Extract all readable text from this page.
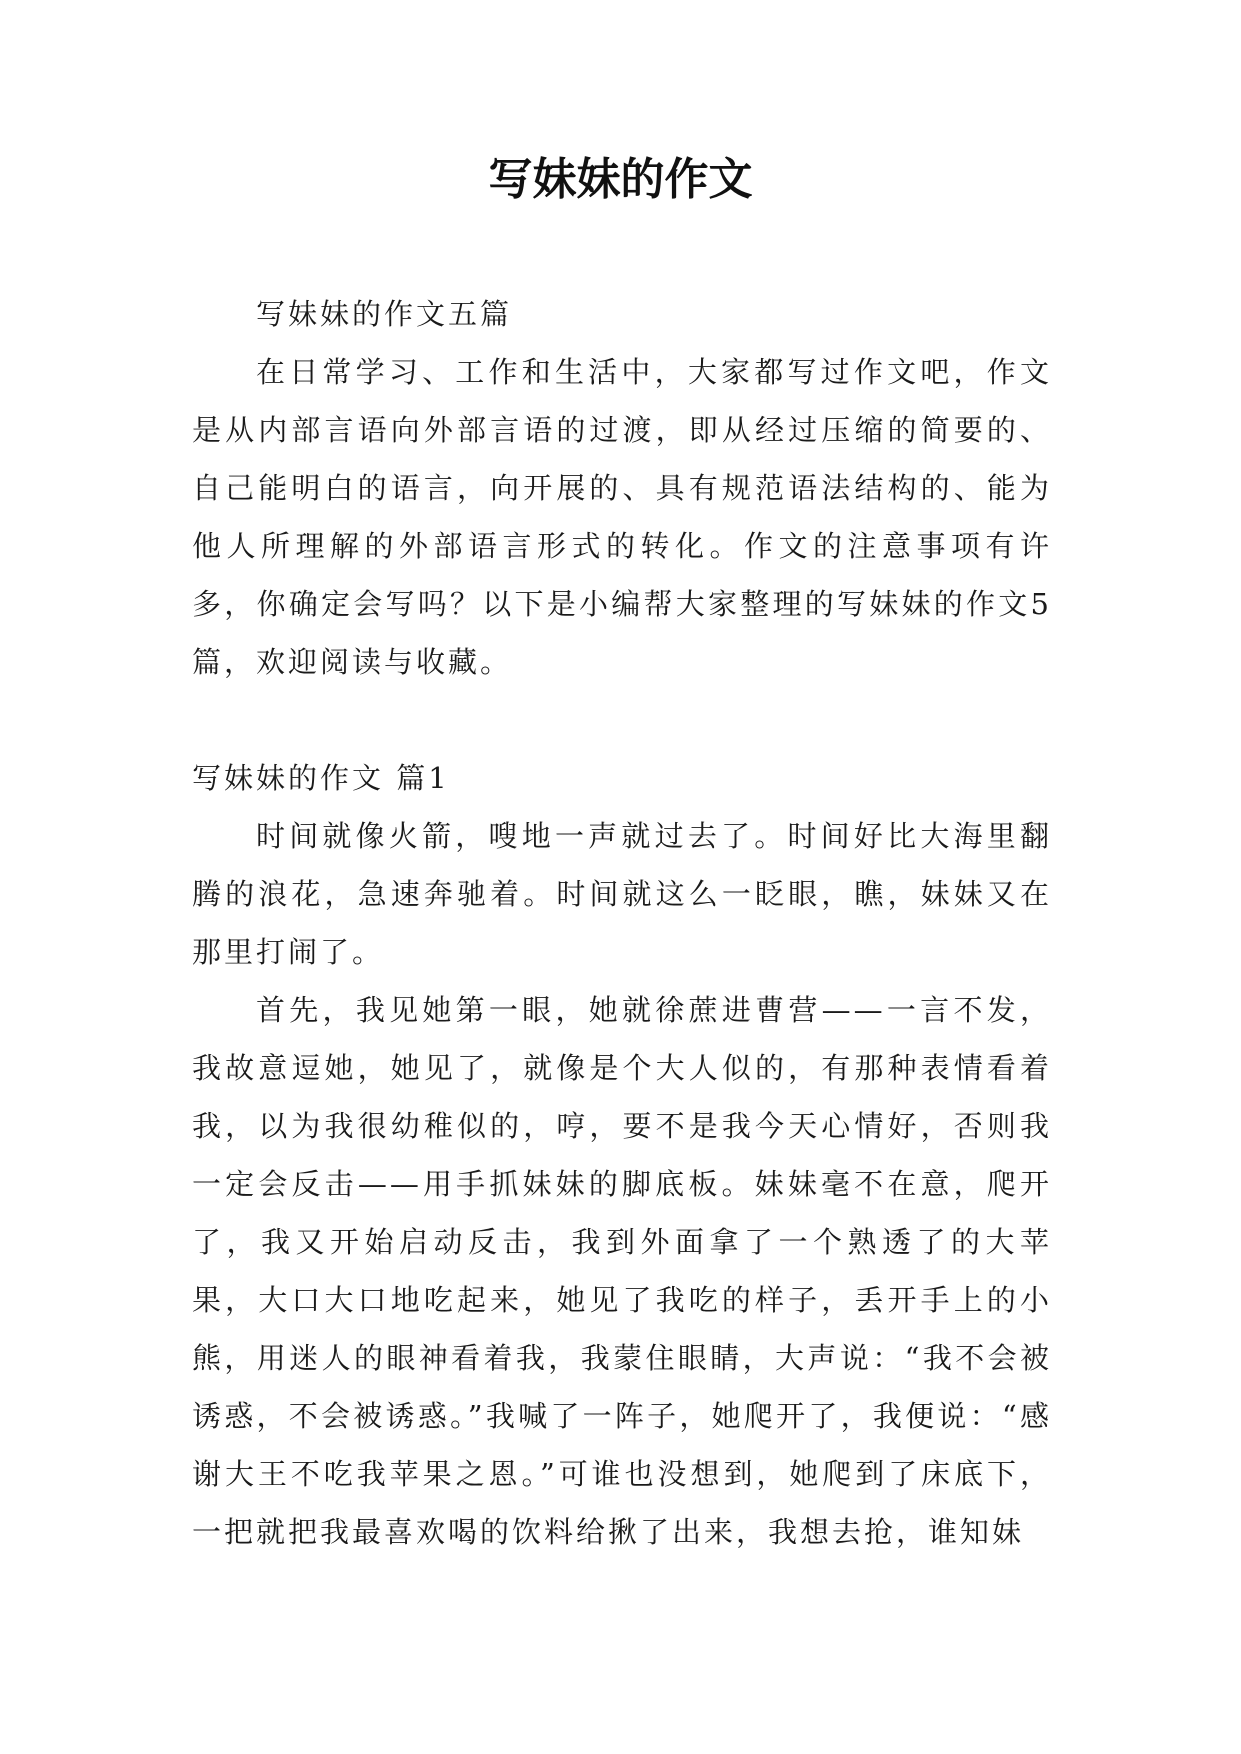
写妹妹的作文

写妹妹的作文五篇

在日常学习、工作和生活中，大家都写过作文吧，作文是从内部言语向外部言语的过渡，即从经过压缩的简要的、自己能明白的语言，向开展的、具有规范语法结构的、能为他人所理解的外部语言形式的转化。作文的注意事项有许多，你确定会写吗？以下是小编帮大家整理的写妹妹的作文5篇，欢迎阅读与收藏。

写妹妹的作文 篇1

时间就像火箭，嗖地一声就过去了。时间好比大海里翻腾的浪花，急速奔驰着。时间就这么一眨眼，瞧，妹妹又在那里打闹了。

首先，我见她第一眼，她就徐蔗进曹营——一言不发，我故意逗她，她见了，就像是个大人似的，有那种表情看着我，以为我很幼稚似的，哼，要不是我今天心情好，否则我一定会反击——用手抓妹妹的脚底板。妹妹毫不在意，爬开了，我又开始启动反击，我到外面拿了一个熟透了的大苹果，大口大口地吃起来，她见了我吃的样子，丢开手上的小熊，用迷人的眼神看着我，我蒙住眼睛，大声说：“我不会被诱惑，不会被诱惑。”我喊了一阵子，她爬开了，我便说：“感谢大王不吃我苹果之恩。”可谁也没想到，她爬到了床底下，一把就把我最喜欢喝的饮料给揪了出来，我想去抢，谁知妹
